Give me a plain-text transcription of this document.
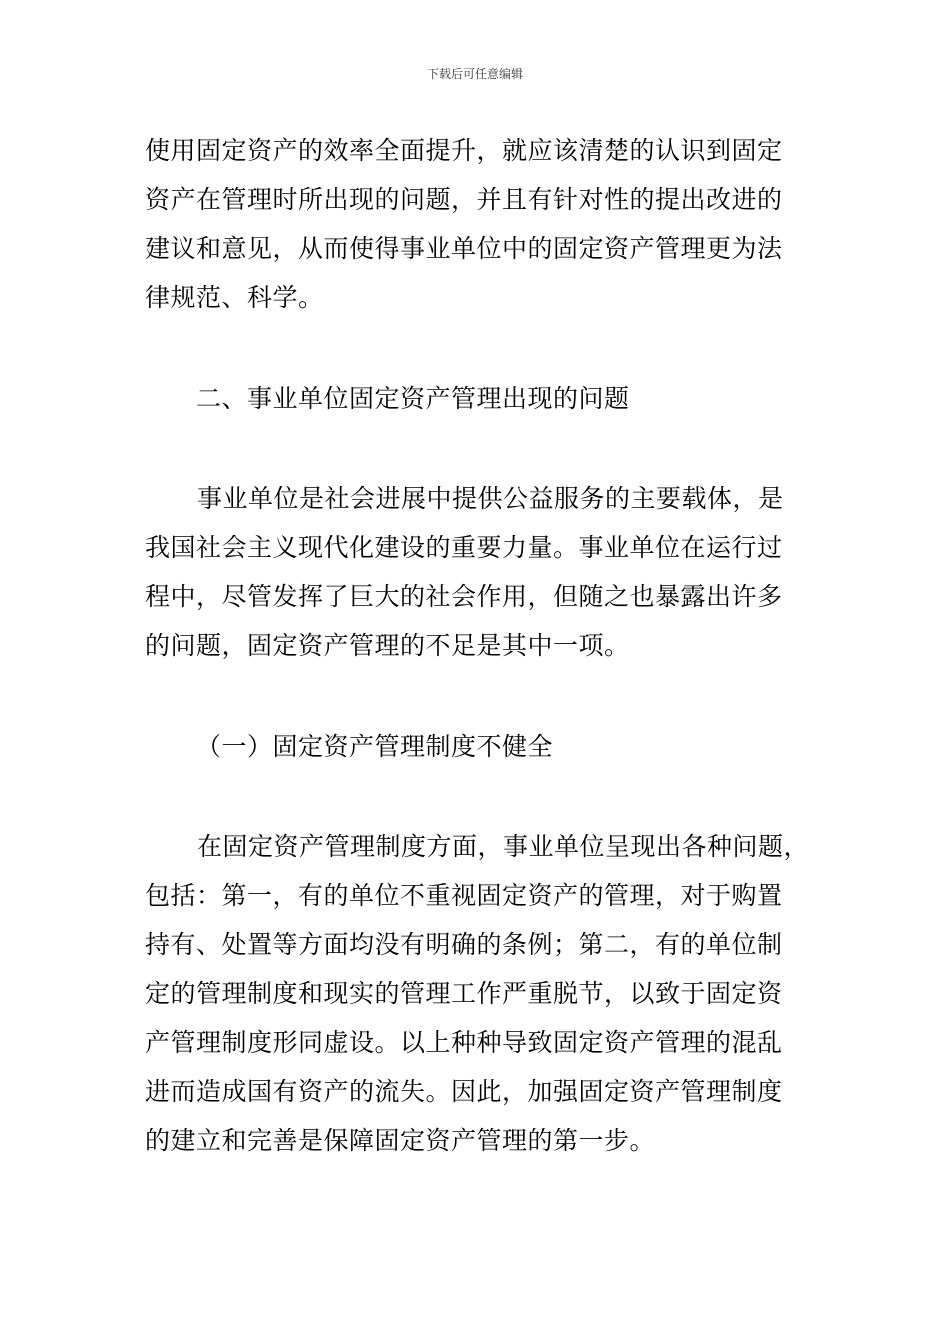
下载后可任意编辑
使用固定资产的效率全面提升，就应该清楚的认识到固定
资产在管理时所出现的问题，并且有针对性的提出改进的
建议和意见，从而使得事业单位中的固定资产管理更为法
律规范、科学。
二、事业单位固定资产管理出现的问题
事业单位是社会进展中提供公益服务的主要载体，是
我国社会主义现代化建设的重要力量。事业单位在运行过
程中，尽管发挥了巨大的社会作用，但随之也暴露出许多
的问题，固定资产管理的不足是其中一项。
（一）固定资产管理制度不健全
在固定资产管理制度方面，事业单位呈现出各种问题，
包括：第一，有的单位不重视固定资产的管理，对于购置
持有、处置等方面均没有明确的条例；第二，有的单位制
定的管理制度和现实的管理工作严重脱节，以致于固定资
产管理制度形同虚设。以上种种导致固定资产管理的混乱
进而造成国有资产的流失。因此，加强固定资产管理制度
的建立和完善是保障固定资产管理的第一步。
